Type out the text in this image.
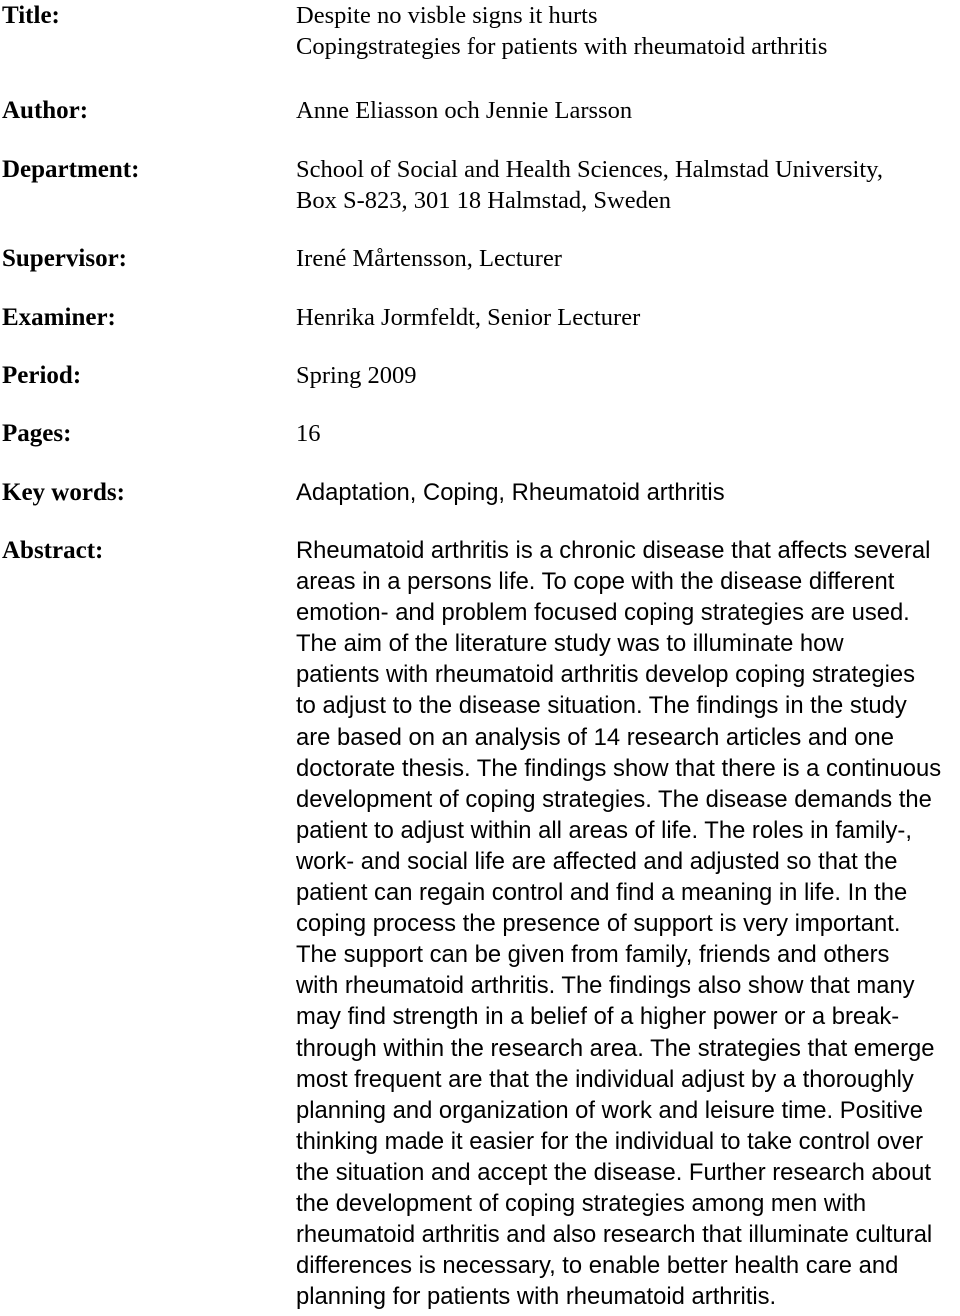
Title:	Despite no visble signs it hurts
Copingstrategies for patients with rheumatoid arthritis
Author:	Anne Eliasson och Jennie Larsson
Department:	School of Social and Health Sciences, Halmstad University,
Box S-823, 301 18 Halmstad, Sweden
Supervisor:	Irené Mårtensson, Lecturer
Examiner:	Henrika Jormfeldt, Senior Lecturer
Period:	Spring 2009
Pages:	16
Key words:	Adaptation, Coping, Rheumatoid arthritis
Abstract:	Rheumatoid arthritis is a chronic disease that affects several
areas in a persons life. To cope with the disease different
emotion- and problem focused coping strategies are used.
The aim of the literature study was to illuminate how
patients with rheumatoid arthritis develop coping strategies
to adjust to the disease situation. The findings in the study
are based on an analysis of 14 research articles and one
doctorate thesis. The findings show that there is a continuous
development of coping strategies. The disease demands the
patient to adjust within all areas of life. The roles in family-,
work- and social life are affected and adjusted so that the
patient can regain control and find a meaning in life. In the
coping process the presence of support is very important.
The support can be given from family, friends and others
with rheumatoid arthritis. The findings also show that many
may find strength in a belief of a higher power or a break-
through within the research area. The strategies that emerge
most frequent are that the individual adjust by a thoroughly
planning and organization of work and leisure time. Positive
thinking made it easier for the individual to take control over
the situation and accept the disease. Further research about
the development of coping strategies among men with
rheumatoid arthritis and also research that illuminate cultural
differences is necessary, to enable better health care and
planning for patients with rheumatoid arthritis.
